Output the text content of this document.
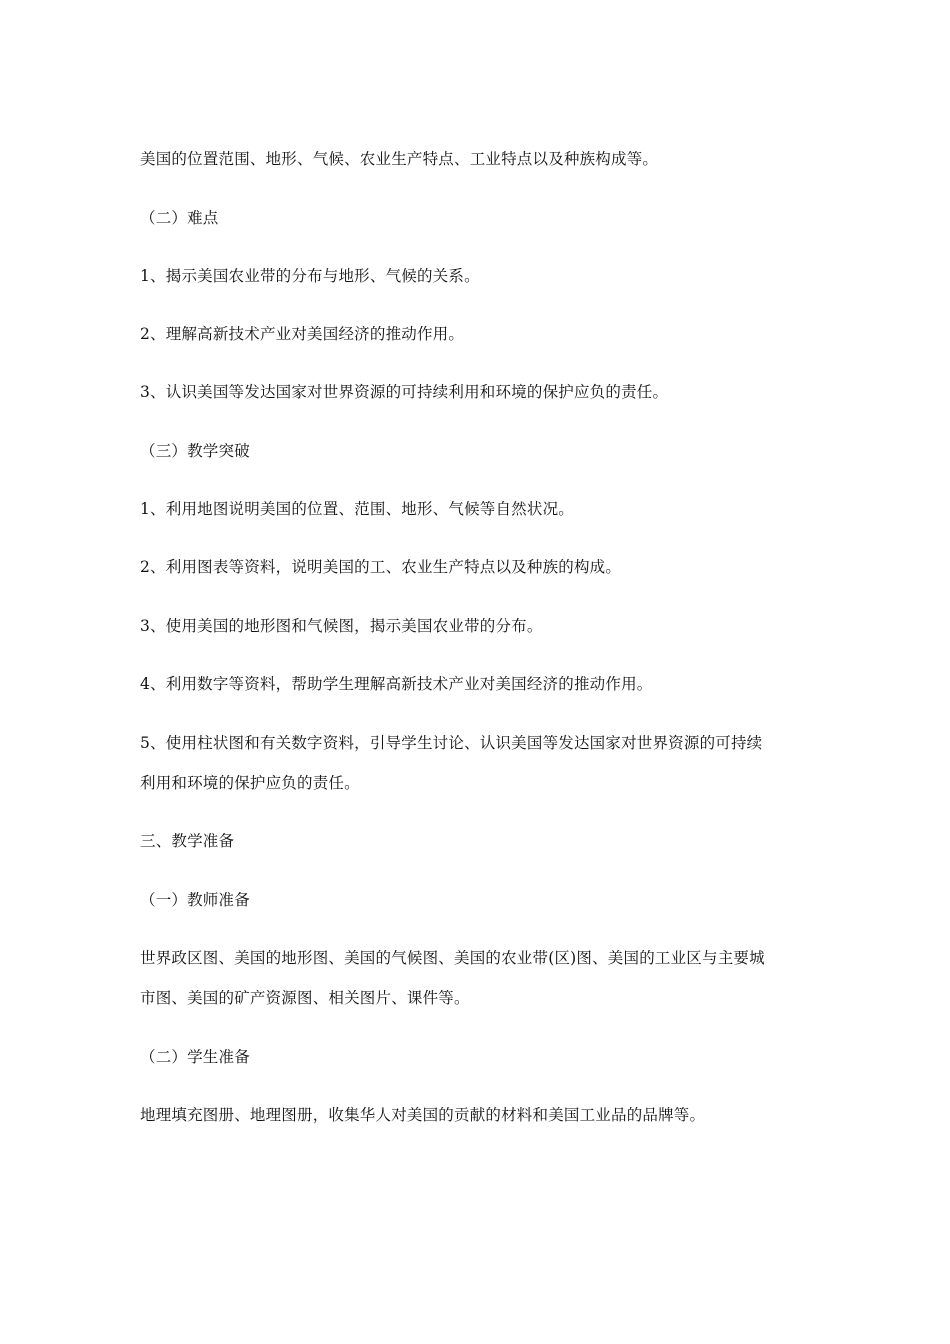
美国的位置范围、地形、气候、农业生产特点、工业特点以及种族构成等。
（二）难点
1、揭示美国农业带的分布与地形、气候的关系。
2、理解高新技术产业对美国经济的推动作用。
3、认识美国等发达国家对世界资源的可持续利用和环境的保护应负的责任。
（三）教学突破
1、利用地图说明美国的位置、范围、地形、气候等自然状况。
2、利用图表等资料，说明美国的工、农业生产特点以及种族的构成。
3、使用美国的地形图和气候图，揭示美国农业带的分布。
4、利用数字等资料，帮助学生理解高新技术产业对美国经济的推动作用。
5、使用柱状图和有关数字资料，引导学生讨论、认识美国等发达国家对世界资源的可持续
利用和环境的保护应负的责任。
三、教学准备
（一）教师准备
世界政区图、美国的地形图、美国的气候图、美国的农业带(区)图、美国的工业区与主要城
市图、美国的矿产资源图、相关图片、课件等。
（二）学生准备
地理填充图册、地理图册，收集华人对美国的贡献的材料和美国工业品的品牌等。
